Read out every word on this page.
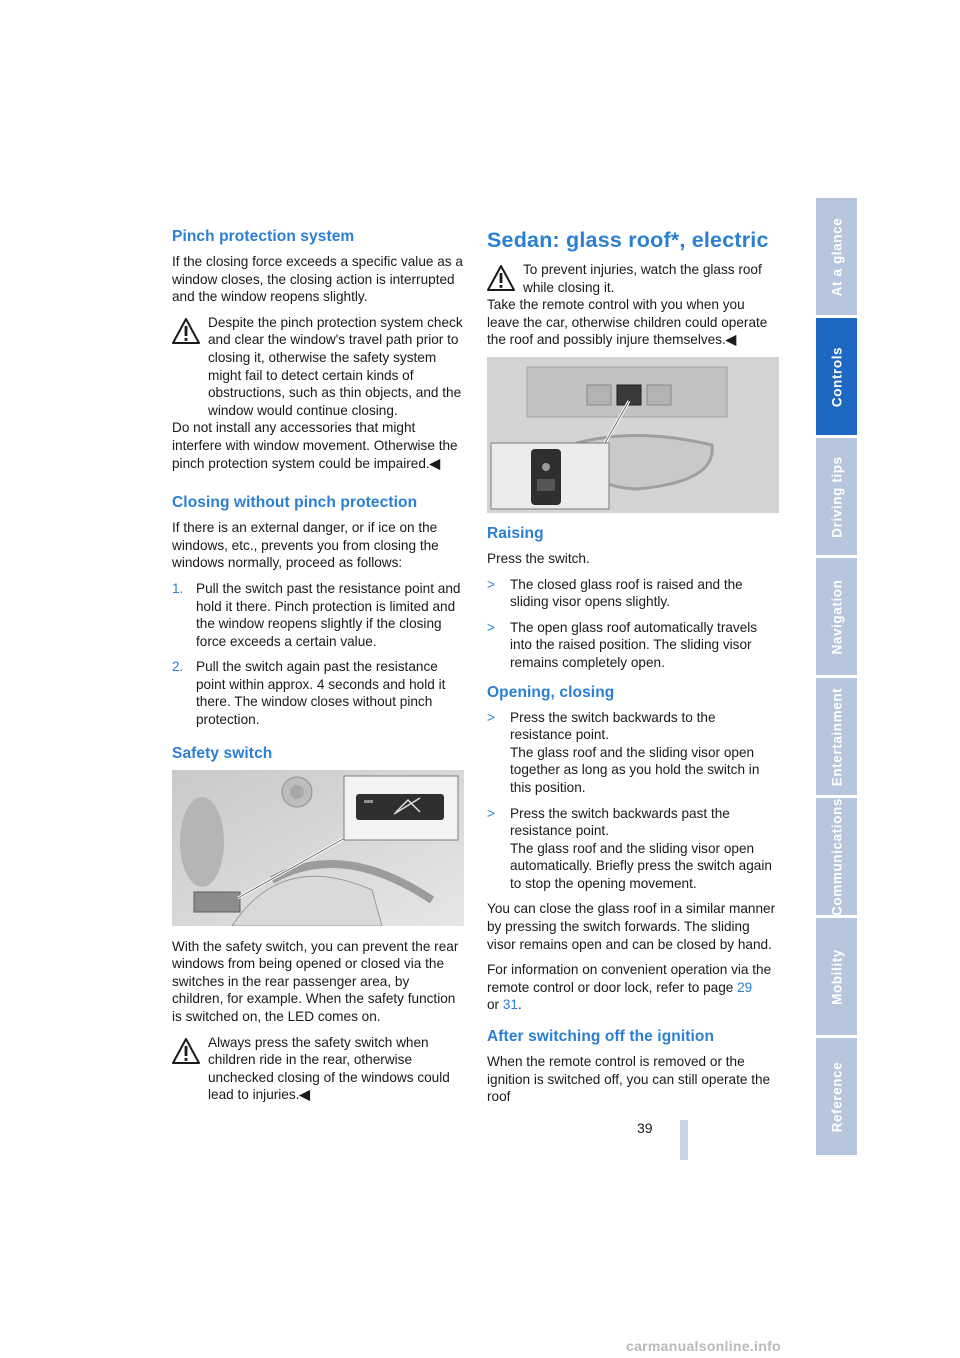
Pinch protection system

If the closing force exceeds a specific value as a window closes, the closing action is interrupted and the window reopens slightly.

Despite the pinch protection system check and clear the window's travel path prior to closing it, otherwise the safety system might fail to detect certain kinds of obstructions, such as thin objects, and the window would continue closing.
Do not install any accessories that might interfere with window movement. Otherwise the pinch protection system could be impaired.◀
Closing without pinch protection

If there is an external danger, or if ice on the windows, etc., prevents you from closing the windows normally, proceed as follows:

1. Pull the switch past the resistance point and hold it there. Pinch protection is limited and the window reopens slightly if the closing force exceeds a certain value.
2. Pull the switch again past the resistance point within approx. 4 seconds and hold it there. The window closes without pinch protection.
Safety switch

With the safety switch, you can prevent the rear windows from being opened or closed via the switches in the rear passenger area, by children, for example. When the safety function is switched on, the LED comes on.

Always press the safety switch when children ride in the rear, otherwise unchecked closing of the windows could lead to injuries.◀
Sedan: glass roof*, electric
To prevent injuries, watch the glass roof while closing it.
Take the remote control with you when you leave the car, otherwise children could operate the roof and possibly injure themselves.◀
Raising

Press the switch.

> The closed glass roof is raised and the sliding visor opens slightly.
> The open glass roof automatically travels into the raised position. The sliding visor remains completely open.
Opening, closing
> Press the switch backwards to the resistance point.
The glass roof and the sliding visor open together as long as you hold the switch in this position.
> Press the switch backwards past the resistance point.
The glass roof and the sliding visor open automatically. Briefly press the switch again to stop the opening movement.

You can close the glass roof in a similar manner by pressing the switch forwards. The sliding visor remains open and can be closed by hand.

For information on convenient operation via the remote control or door lock, refer to page 29
or 31.

After switching off the ignition

When the remote control is removed or the ignition is switched off, you can still operate the roof

At a glance
Controls
Driving tips
Navigation
Entertainment
Communications
Mobility
Reference
39
carmanualsonline.info
